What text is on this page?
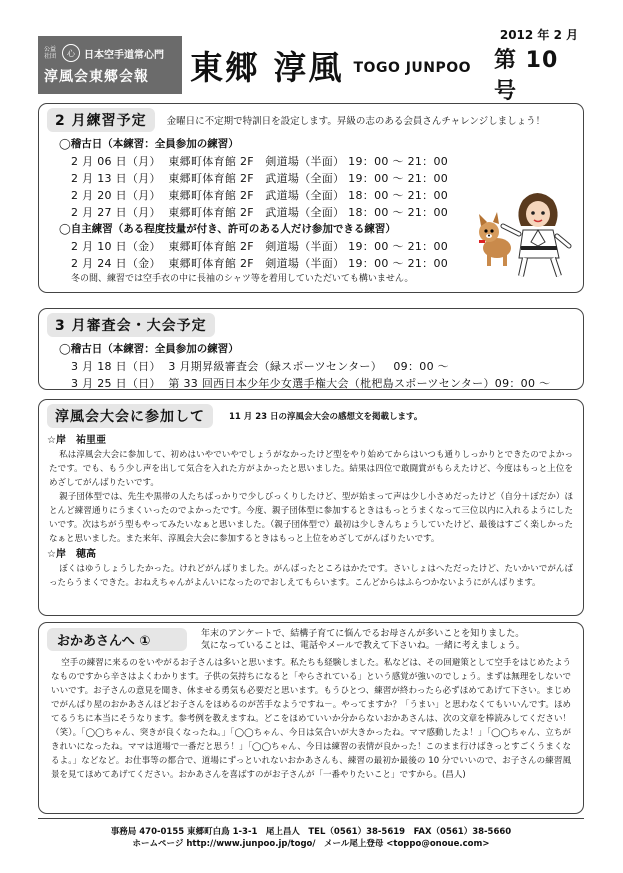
公益社団	心 日本空手道常心門
淳風会東郷会報	東郷 淳風 TOGO JUNPOO
2012 年 2 月
第 10 号
2 月練習予定	金曜日に不定期で特訓日を設定します。昇級の志のある会員さんチャレンジしましょう！
◯稽古日（本練習：全員参加の練習）
2 月 06 日（月）  東郷町体育館 2F   剣道場（半面） 19：00 ～ 21：00
2 月 13 日（月）  東郷町体育館 2F   武道場（全面） 19：00 ～ 21：00
2 月 20 日（月）  東郷町体育館 2F   武道場（全面） 18：00 ～ 21：00
2 月 27 日（月）  東郷町体育館 2F   武道場（全面） 18：00 ～ 21：00
◯自主練習（ある程度技量が付き、許可のある人だけ参加できる練習）
2 月 10 日（金）  東郷町体育館 2F   剣道場（半面） 19：00 ～ 21：00
2 月 24 日（金）  東郷町体育館 2F   剣道場（半面） 19：00 ～ 21：00
冬の間、練習では空手衣の中に長袖のシャツ等を着用していただいても構いません。
3 月審査会・大会予定
◯稽古日（本練習：全員参加の練習）
3 月 18 日（日）  3 月期昇級審査会（緑スポーツセンター）   09：00 ～
3 月 25 日（日）  第 33 回西日本少年少女選手権大会（枇杷島スポーツセンター）09：00 ～
淳風会大会に参加して	11 月 23 日の淳風会大会の感想文を掲載します。
☆岸　祐里亜

私は淳風会大会に参加して、初めはいやでいやでしょうがなかったけど型をやり始めてからはいつも通りしっかりとできたのでよかったです。でも、もう少し声を出して気合を入れた方がよかったと思いました。結果は四位で敢闘賞がもらえたけど、今度はもっと上位をめざしてがんばりたいです。

親子団体型では、先生や黒帯の人たちばっかりで少しびっくりしたけど、型が始まって声は少し小さめだったけど（自分＋ぼだか）ほとんど練習通りにうまくいったのでよかったです。今度、親子団体型に参加するときはもっとうまくなって三位以内に入れるようにしたいです。次はちがう型もやってみたいなぁと思いました。（親子団体型で）最初は少しきんちょうしていたけど、最後はすごく楽しかったなぁと思いました。また来年、淳風会大会に参加するときはもっと上位をめざしてがんばりたいです。

☆岸　穂高

ぼくはゆうしょうしたかった。けれどがんばりました。がんばったところはかたです。さいしょはへただったけど、たいかいでがんばったらうまくできた。おねえちゃんがよんいになったのでおしえてもらいます。こんどからはふらつかないようにがんばります。

おかあさんへ ①	年末のアンケートで、結構子育てに悩んでるお母さんが多いことを知りました。
気になっていることは、電話やメールで教えて下さいね。一緒に考えましょう。

空手の練習に来るのをいやがるお子さんは多いと思います。私たちも経験しました。私などは、その回避策として空手をはじめたようなものですから辛さはよくわかります。子供の気持ちになると「やらされている」という感覚が強いのでしょう。まずは無理をしないでいいです。お子さんの意見を聞き、休ませる勇気も必要だと思います。もうひとつ、練習が終わったら必ずほめてあげて下さい。まじめでがんばり屋のおかあさんほどお子さんをほめるのが苦手なようですね－。やってますか？「うまい」と思わなくてもいいんです。ほめてるうちに本当にそうなります。参考例を教えますね。どこをほめていいか分からないおかあさんは、次の文章を棒読みしてください！（笑）。「◯◯ちゃん、突きが良くなったね。」「◯◯ちゃん、今日は気合いが大きかったね。ママ感動したよ！」「◯◯ちゃん、立ちがきれいになったね。ママは道場で一番だと思う！」「◯◯ちゃん、今日は練習の表情が良かった！このまま行けばきっとすごくうまくなるよ。」などなど。お仕事等の都合で、道場にずっといれないおかあさんも、練習の最初か最後の 10 分でいいので、お子さんの練習風景を見てほめてあげてください。おかあさんを喜ばすのがお子さんが「一番やりたいこと」ですから。(昌人)

事務局 470-0155 東郷町白鳥 1-3-1　尾上昌人　TEL（0561）38-5619　FAX（0561）38-5660
ホームページ http://www.junpoo.jp/togo/　メール尾上登母 <toppo@onoue.com>
